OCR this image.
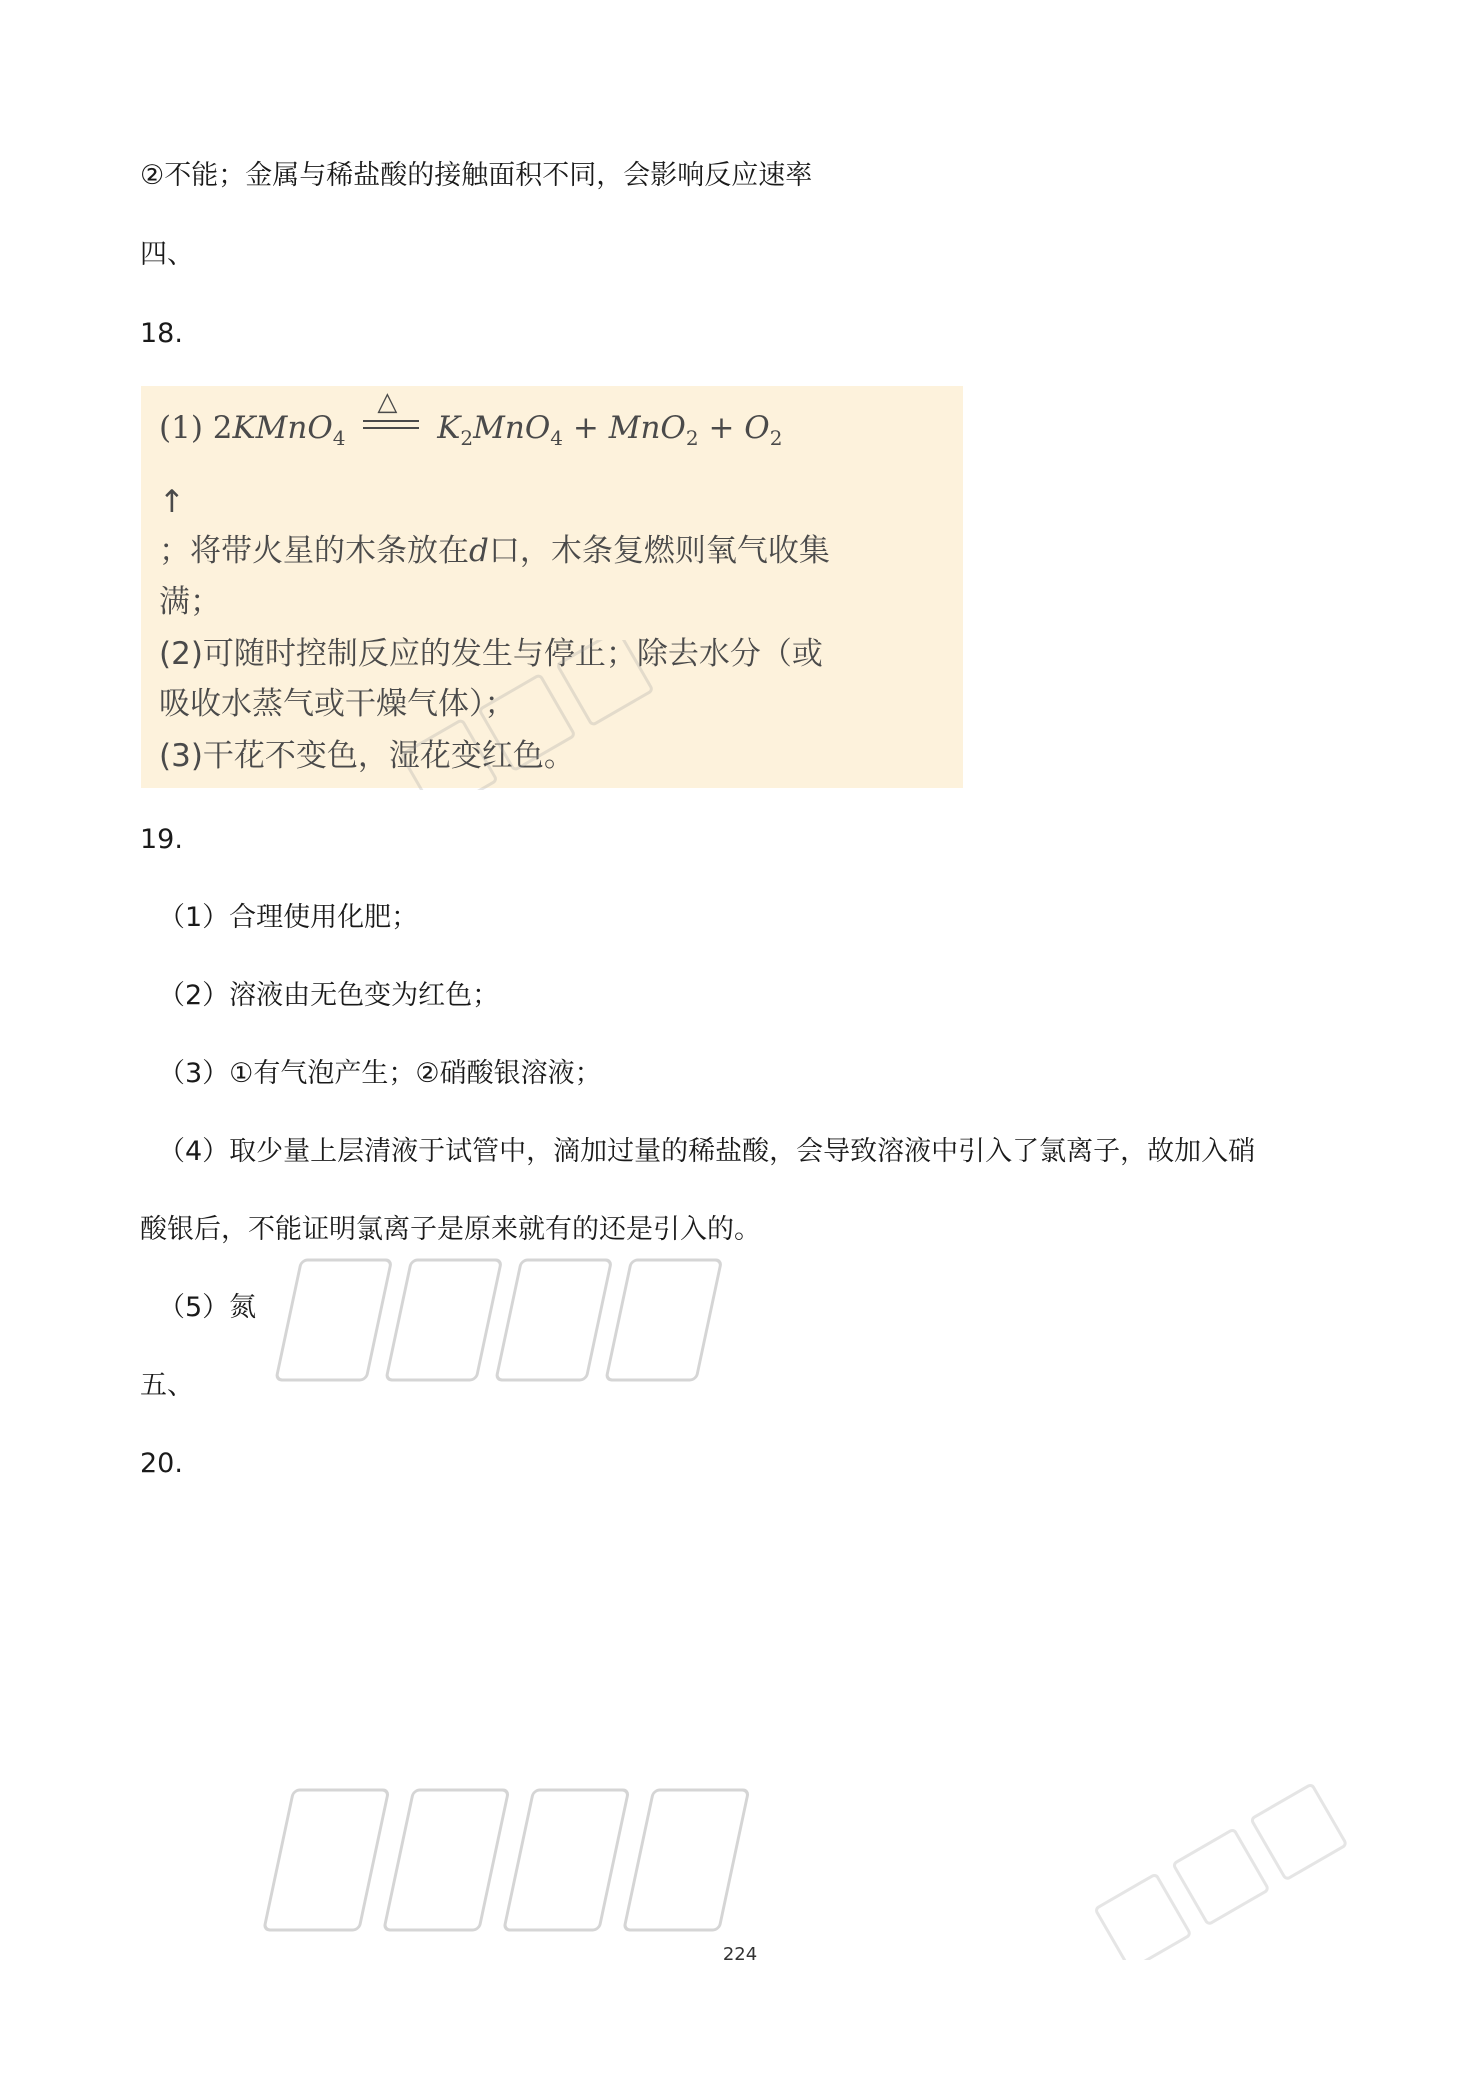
②不能；金属与稀盐酸的接触面积不同，会影响反应速率
四、
18.
(1) 2KMnO$_4$
△
$K_2MnO_4 + MnO_2 + O_2$
↑
；将带火星的木条放在d口，木条复燃则氧气收集
满；
(2)可随时控制反应的发生与停止；除去水分（或
吸收水蒸气或干燥气体）；
(3)干花不变色，湿花变红色。
19.
（1）合理使用化肥；
（2）溶液由无色变为红色；
（3）①有气泡产生；②硝酸银溶液；
（4）取少量上层清液于试管中，滴加过量的稀盐酸，会导致溶液中引入了氯离子，故加入硝
酸银后，不能证明氯离子是原来就有的还是引入的。
（5）氮
五、
20.
224
